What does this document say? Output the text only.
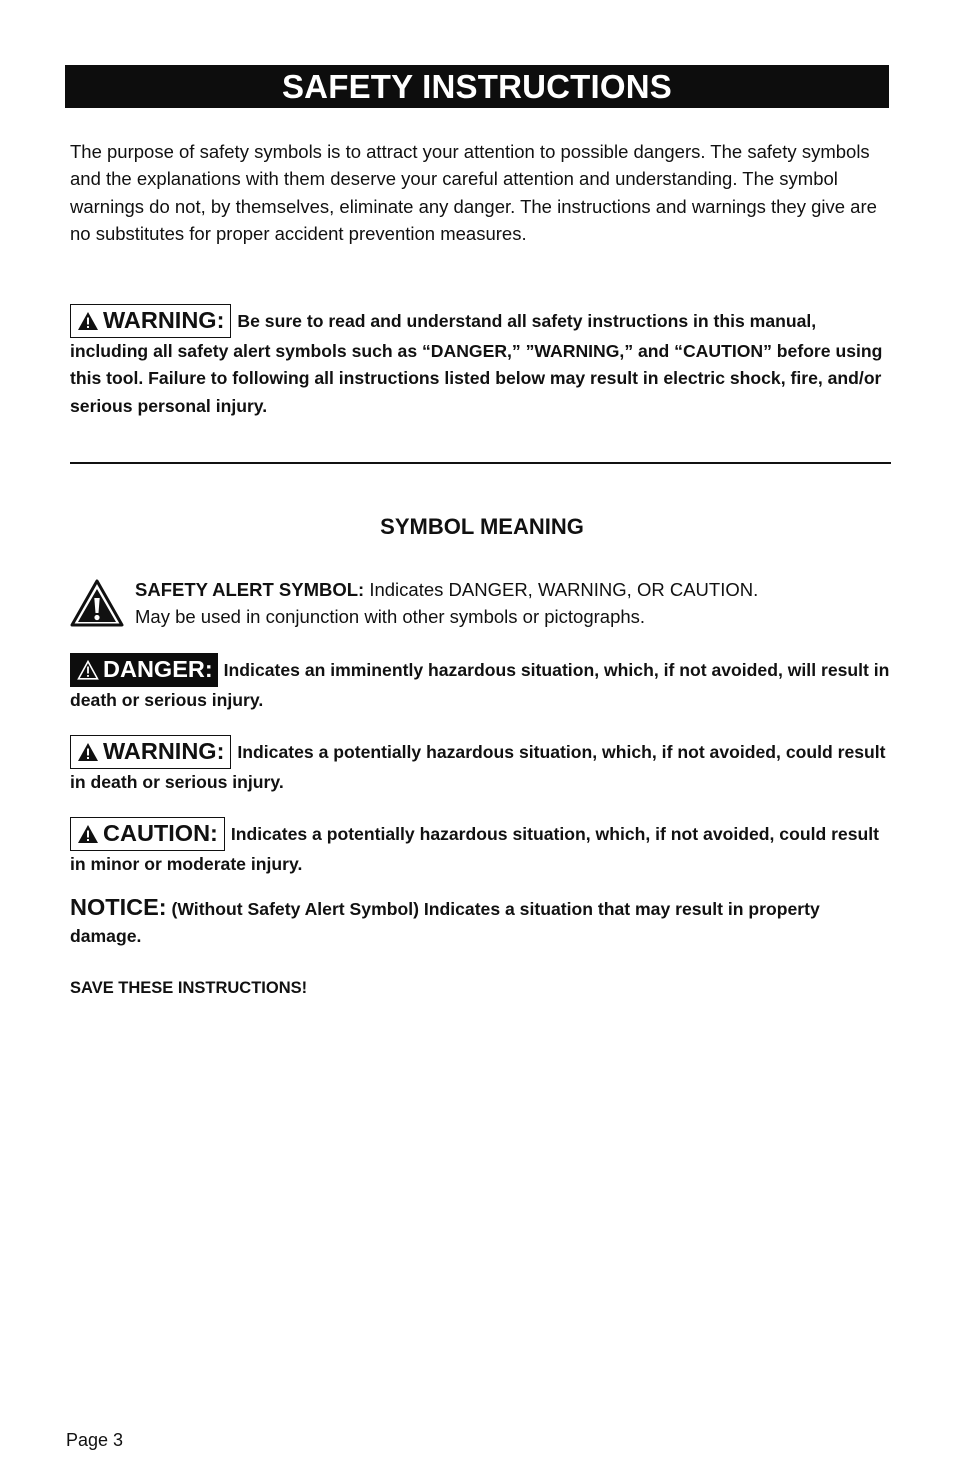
SAFETY INSTRUCTIONS
The purpose of safety symbols is to attract your attention to possible dangers. The safety symbols and the explanations with them deserve your careful attention and understanding. The symbol warnings do not, by themselves, eliminate any danger. The instructions and warnings they give are no substitutes for proper accident prevention measures.
WARNING: Be sure to read and understand all safety instructions in this manual, including all safety alert symbols such as “DANGER,” ”WARNING,” and “CAUTION” before using this tool. Failure to following all instructions listed below may result in electric shock, fire, and/or serious personal injury.
SYMBOL MEANING
SAFETY ALERT SYMBOL: Indicates DANGER, WARNING, OR CAUTION.
May be used in conjunction with other symbols or pictographs.
DANGER: Indicates an imminently hazardous situation, which, if not avoided, will result in death or serious injury.
WARNING: Indicates a potentially hazardous situation, which, if not avoided, could result in death or serious injury.
CAUTION: Indicates a potentially hazardous situation, which, if not avoided, could result in minor or moderate injury.
NOTICE: (Without Safety Alert Symbol) Indicates a situation that may result in property damage.
SAVE THESE INSTRUCTIONS!
Page 3
